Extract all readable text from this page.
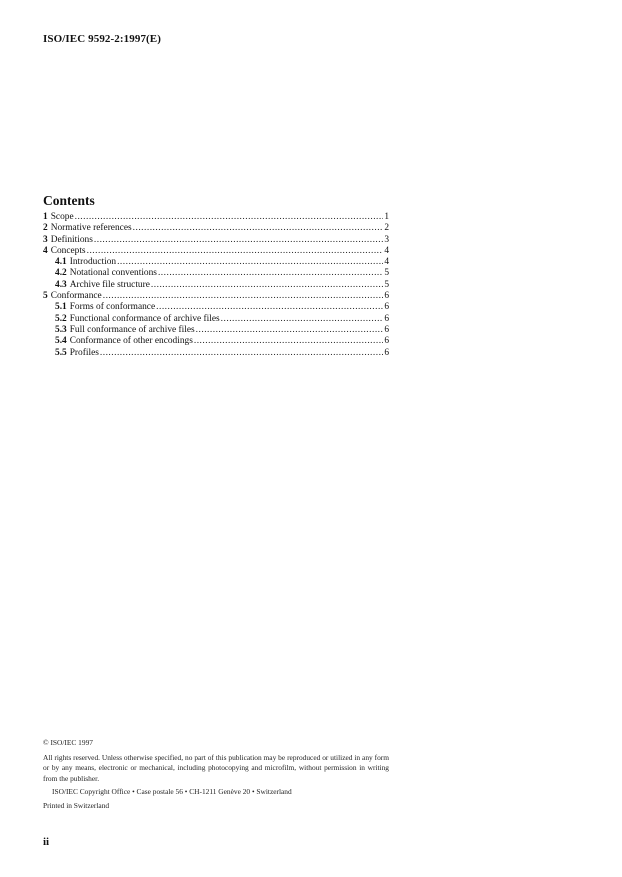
ISO/IEC 9592-2:1997(E)
Contents
1 Scope .....	1
2 Normative references .....	2
3 Definitions .....	3
4 Concepts .....	4
4.1 Introduction .....	4
4.2 Notational conventions .....	5
4.3 Archive file structure .....	5
5 Conformance .....	6
5.1 Forms of conformance .....	6
5.2 Functional conformance of archive files .....	6
5.3 Full conformance of archive files .....	6
5.4 Conformance of other encodings .....	6
5.5 Profiles .....	6
© ISO/IEC 1997
All rights reserved. Unless otherwise specified, no part of this publication may be reproduced or utilized in any form or by any means, electronic or mechanical, including photocopying and microfilm, without permission in writing from the publisher.
ISO/IEC Copyright Office • Case postale 56 • CH-1211 Genève 20 • Switzerland
Printed in Switzerland
ii
